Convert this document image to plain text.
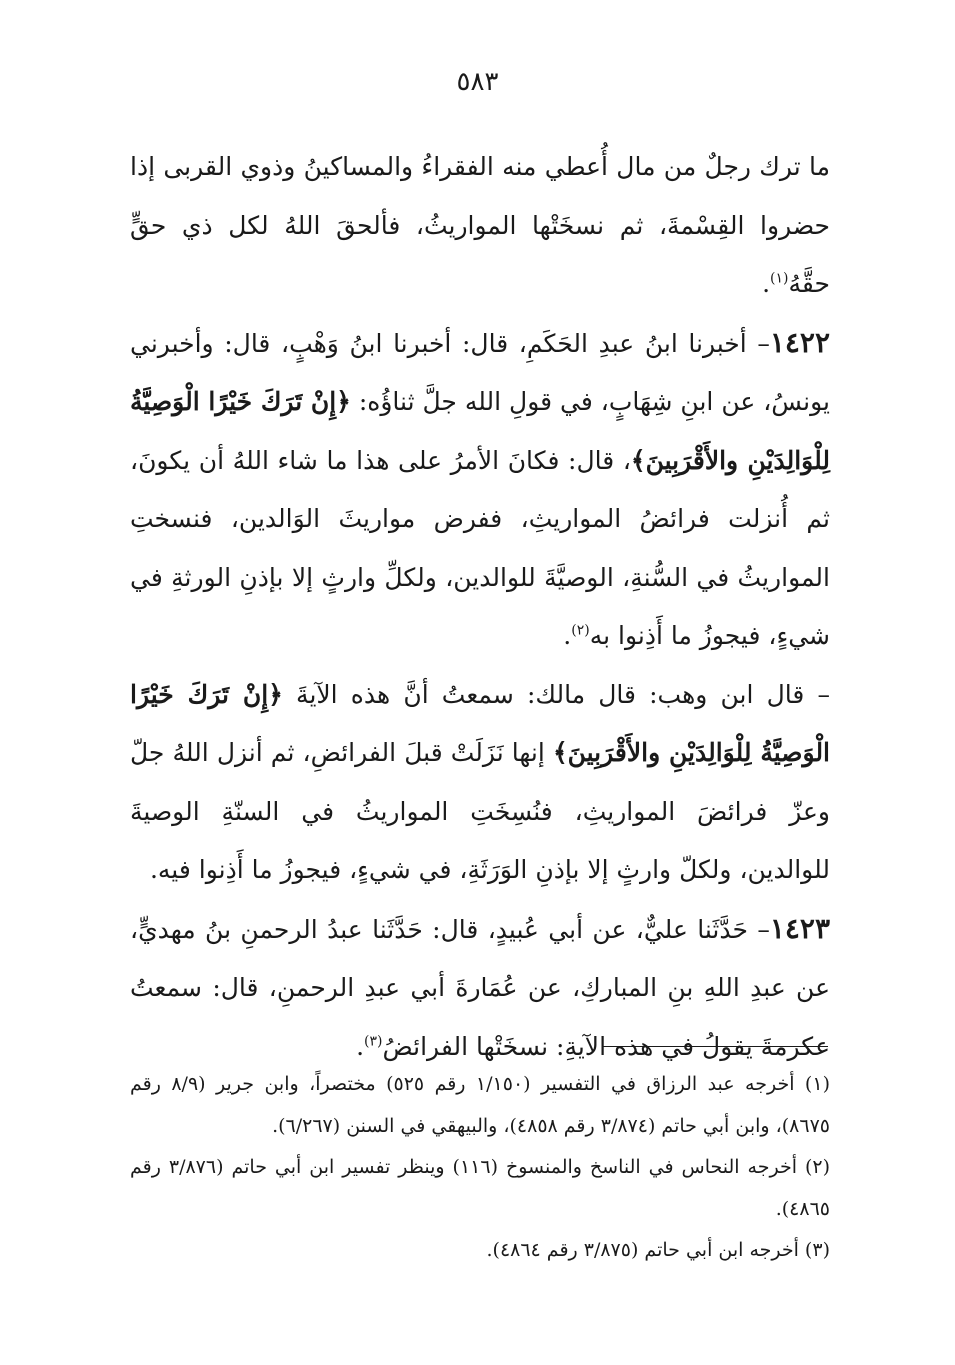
٥٨٣

ما ترك رجلٌ من مال أُعطي منه الفقراءُ والمساكينُ وذوي القربى إذا حضروا القِسْمةَ، ثم نسخَتْها المواريثُ، فألحقَ اللهُ لكل ذي حقٍّ حقَّهُ$^{(١)}$.

١٤٢٢– أخبرنا ابنُ عبدِ الحَكَمِ، قال: أخبرنا ابنُ وَهْبٍ، قال: وأخبرني يونسُ، عن ابنِ شِهَابٍ، في قولِ الله جلَّ ثناؤُه: ﴿إِنْ تَرَكَ خَيْرًا الْوَصِيَّةُ لِلْوَالِدَيْنِ والأَقْرَبِينَ﴾، قال: فكانَ الأمرُ على هذا ما شاء اللهُ أن يكونَ، ثم أُنزلت فرائضُ المواريثِ، ففرض مواريثَ الوَالدين، فنسختِ المواريثُ في السُّنةِ، الوصيَّةَ للوالدين، ولكلِّ وارثٍ إلا بإذنِ الورثةِ في شيءٍ، فيجوزُ ما أَذِنوا به$^{(٢)}$.

– قال ابن وهب: قال مالك: سمعتُ أنَّ هذه الآيةَ ﴿إِنْ تَرَكَ خَيْرًا الْوَصِيَّةُ لِلْوَالِدَيْنِ والأَقْرَبِينَ﴾ إنها نَزَلَتْ قبلَ الفرائضِ، ثم أنزل اللهُ جلّ وعزّ فرائضَ المواريثِ، فنُسِخَتِ المواريثُ في السنّةِ الوصيةَ للوالدين، ولكلّ وارثٍ إلا بإذنِ الوَرَثَةِ، في شيءٍ، فيجوزُ ما أَذِنوا فيه.

١٤٢٣– حَدَّثَنا عليٌّ، عن أبي عُبيدٍ، قال: حَدَّثَنا عبدُ الرحمنِ بنُ مهديٍّ، عن عبدِ اللهِ بنِ المباركِ، عن عُمَارةَ أبي عبدِ الرحمنِ، قال: سمعتُ عكرمةَ يقولُ في هذه الآيةِ: نسخَتْها الفرائضُ$^{(٣)}$.

(١) أخرجه عبد الرزاق في التفسير (١/١٥٠ رقم ٥٢٥) مختصراً، وابن جرير (٨/٩ رقم ٨٦٧٥)، وابن أبي حاتم (٣/٨٧٤ رقم ٤٨٥٨)، والبيهقي في السنن (٦/٢٦٧).

(٢) أخرجه النحاس في الناسخ والمنسوخ (١١٦) وينظر تفسير ابن أبي حاتم (٣/٨٧٦ رقم ٤٨٦٥).

(٣) أخرجه ابن أبي حاتم (٣/٨٧٥ رقم ٤٨٦٤).
